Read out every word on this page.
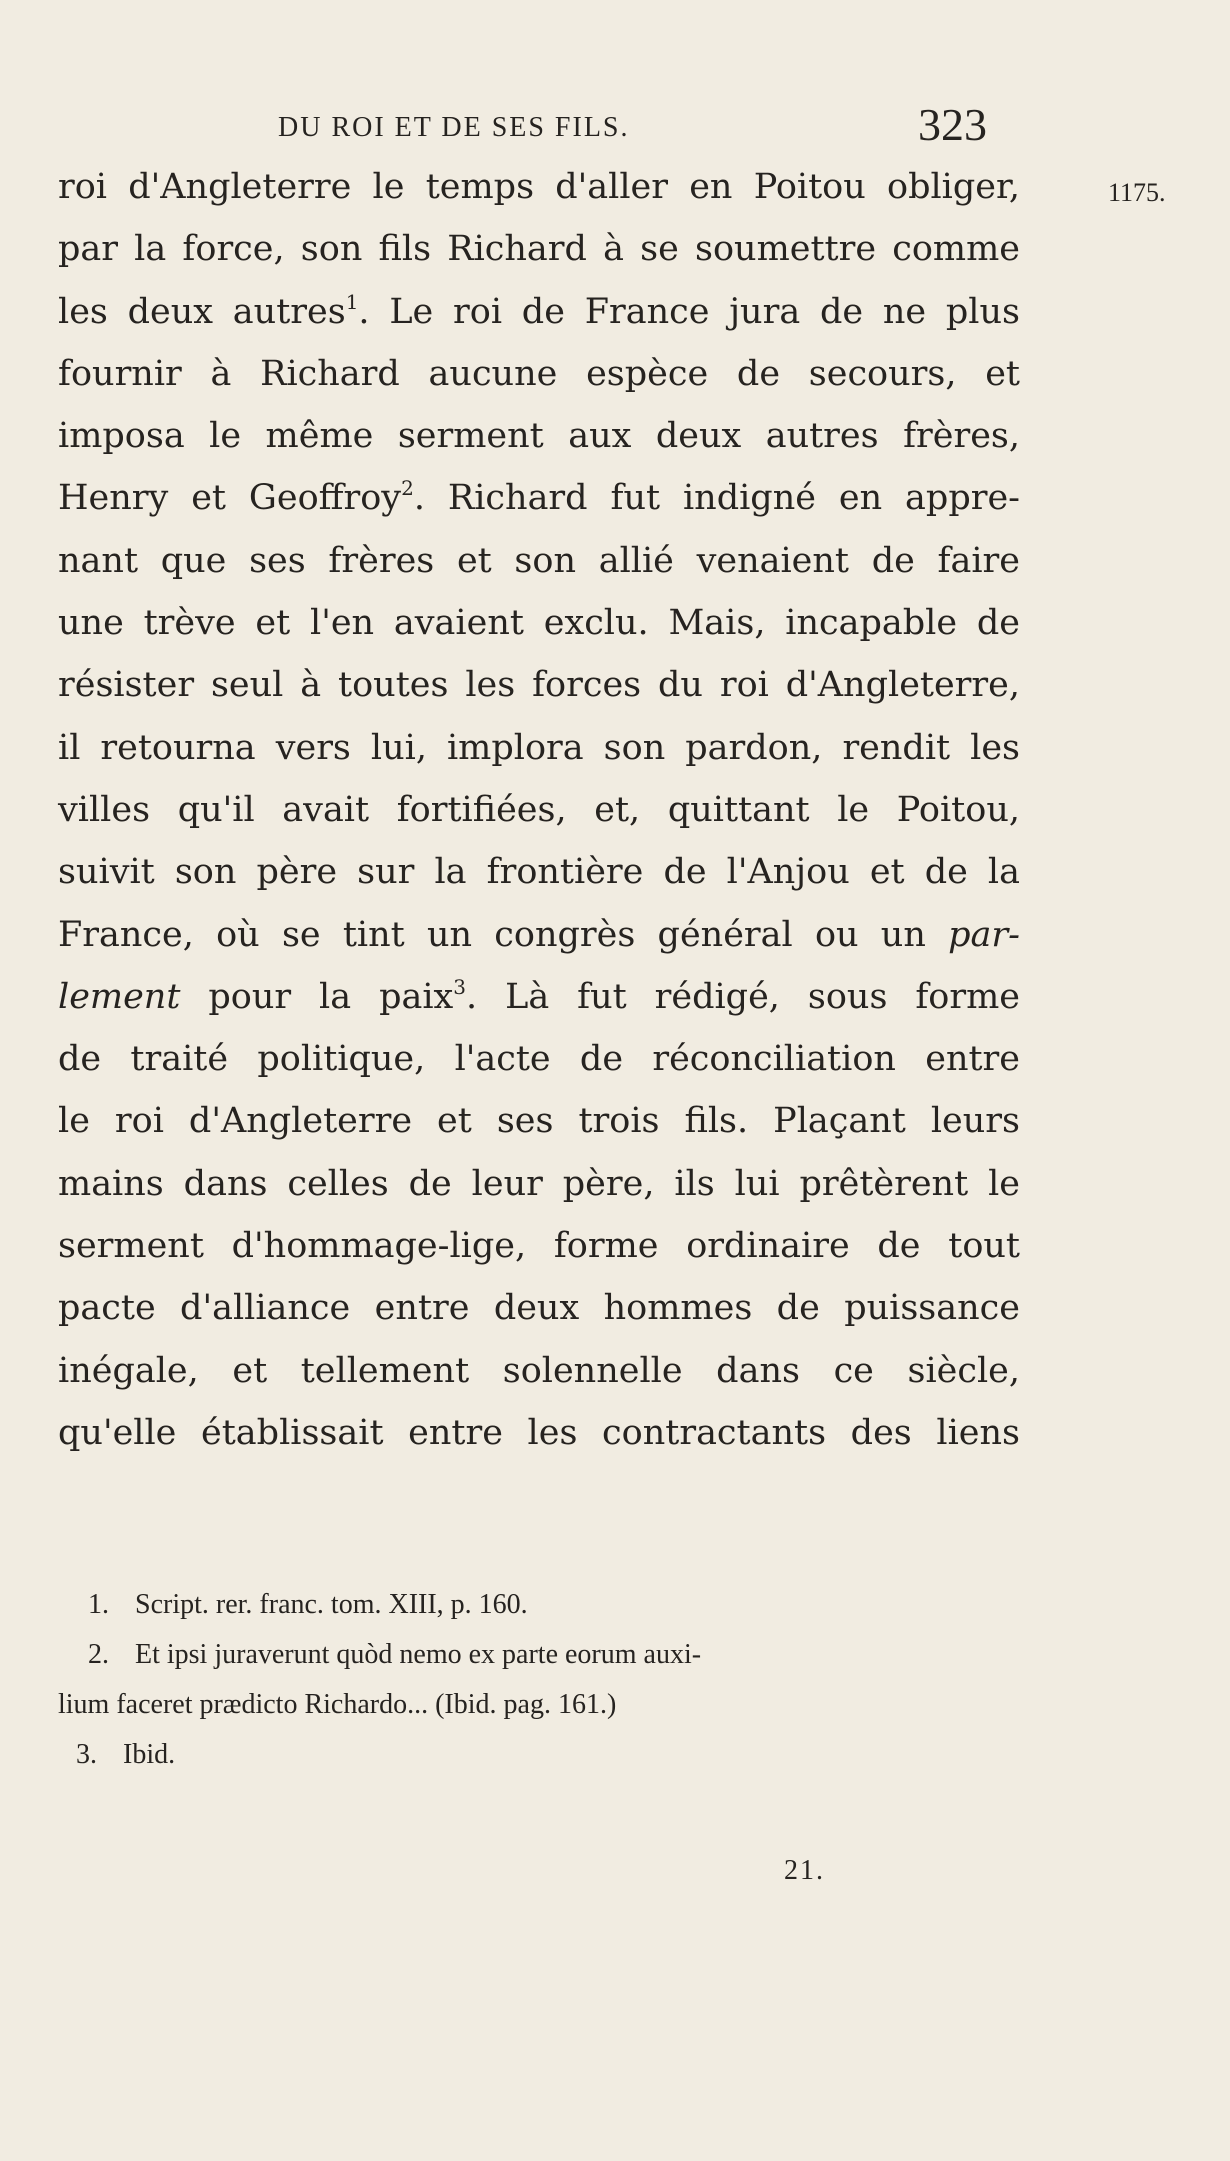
DU ROI ET DE SES FILS.	323
1175.
roi d'Angleterre le temps d'aller en Poitou obliger,
par la force, son fils Richard à se soumettre comme
les deux autres$^1$. Le roi de France jura de ne plus
fournir à Richard aucune espèce de secours, et
imposa le même serment aux deux autres frères,
Henry et Geoffroy$^2$. Richard fut indigné en appre-
nant que ses frères et son allié venaient de faire
une trève et l'en avaient exclu. Mais, incapable de
résister seul à toutes les forces du roi d'Angleterre,
il retourna vers lui, implora son pardon, rendit les
villes qu'il avait fortifiées, et, quittant le Poitou,
suivit son père sur la frontière de l'Anjou et de la
France, où se tint un congrès général ou un par-
lement pour la paix$^3$. Là fut rédigé, sous forme
de traité politique, l'acte de réconciliation entre
le roi d'Angleterre et ses trois fils. Plaçant leurs
mains dans celles de leur père, ils lui prêtèrent le
serment d'hommage-lige, forme ordinaire de tout
pacte d'alliance entre deux hommes de puissance
inégale, et tellement solennelle dans ce siècle,
qu'elle établissait entre les contractants des liens
1. Script. rer. franc. tom. XIII, p. 160.
2. Et ipsi juraverunt quòd nemo ex parte eorum auxi-
lium faceret prædicto Richardo... (Ibid. pag. 161.)
3. Ibid.
21.
